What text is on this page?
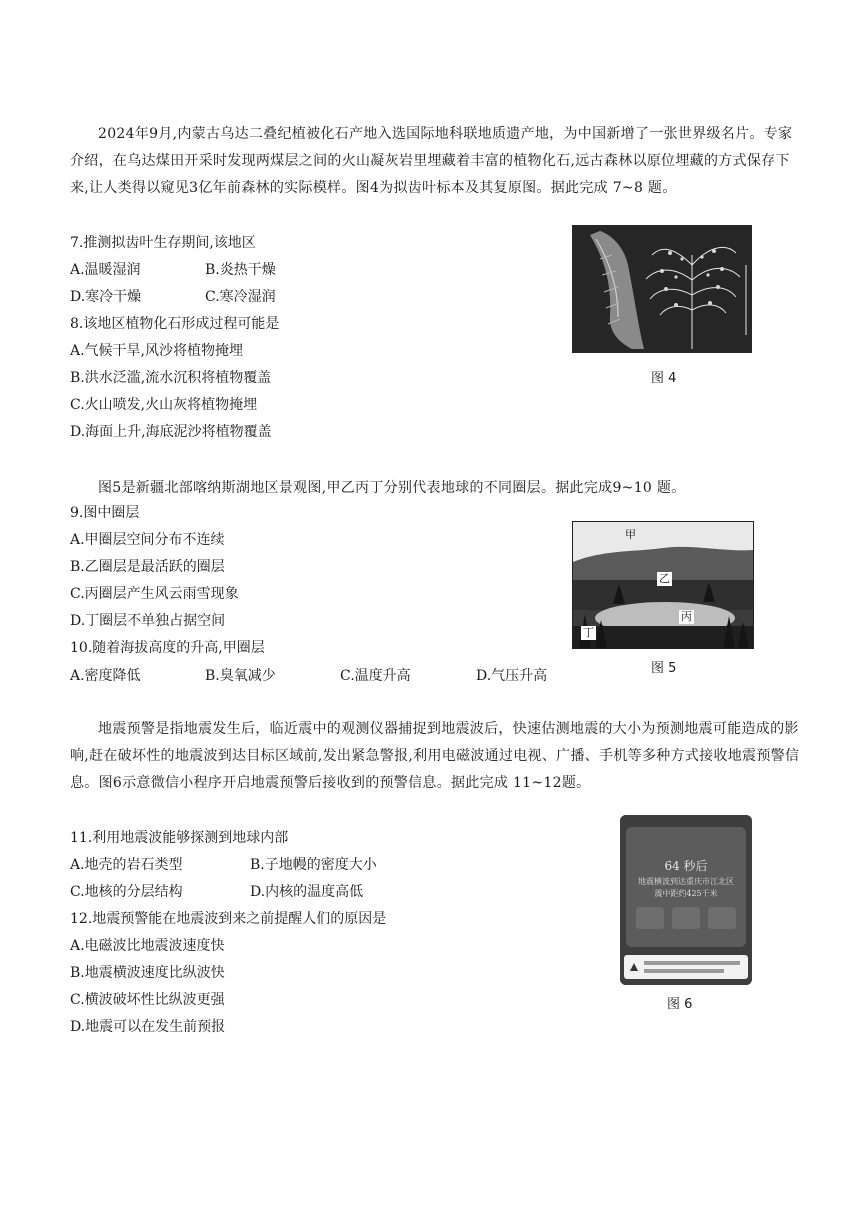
2024年9月,内蒙古乌达二叠纪植被化石产地入选国际地科联地质遗产地，为中国新增了一张世界级名片。专家介绍，在乌达煤田开采时发现两煤层之间的火山凝灰岩里埋藏着丰富的植物化石,远古森林以原位埋藏的方式保存下来,让人类得以窥见3亿年前森林的实际模样。图4为拟齿叶标本及其复原图。据此完成 7~8 题。
7.推测拟齿叶生存期间,该地区
A.温暖湿润	B.炎热干燥
D.寒冷干燥	C.寒冷湿润
8.该地区植物化石形成过程可能是
A.气候干旱,风沙将植物掩埋
B.洪水泛滥,流水沉积将植物覆盖
C.火山喷发,火山灰将植物掩埋
D.海面上升,海底泥沙将植物覆盖
图 4
图5是新疆北部喀纳斯湖地区景观图,甲乙丙丁分别代表地球的不同圈层。据此完成9~10 题。
9.图中圈层
A.甲圈层空间分布不连续
B.乙圈层是最活跃的圈层
C.丙圈层产生风云雨雪现象
D.丁圈层不单独占据空间
10.随着海拔高度的升高,甲圈层
A.密度降低	B.臭氧减少	C.温度升高	D.气压升高
甲
乙
丙
丁
图 5
地震预警是指地震发生后，临近震中的观测仪器捕捉到地震波后，快速估测地震的大小为预测地震可能造成的影响,赶在破坏性的地震波到达目标区域前,发出紧急警报,利用电磁波通过电视、广播、手机等多种方式接收地震预警信息。图6示意微信小程序开启地震预警后接收到的预警信息。据此完成 11~12题。
11.利用地震波能够探测到地球内部
A.地壳的岩石类型	B.子地幔的密度大小
C.地核的分层结构	D.内核的温度高低
12.地震预警能在地震波到来之前提醒人们的原因是
A.电磁波比地震波速度快
B.地震横波速度比纵波快
C.横波破坏性比纵波更强
D.地震可以在发生前预报
64 秒后
地震横波到达重庆市江北区
震中距约425千米
图 6
